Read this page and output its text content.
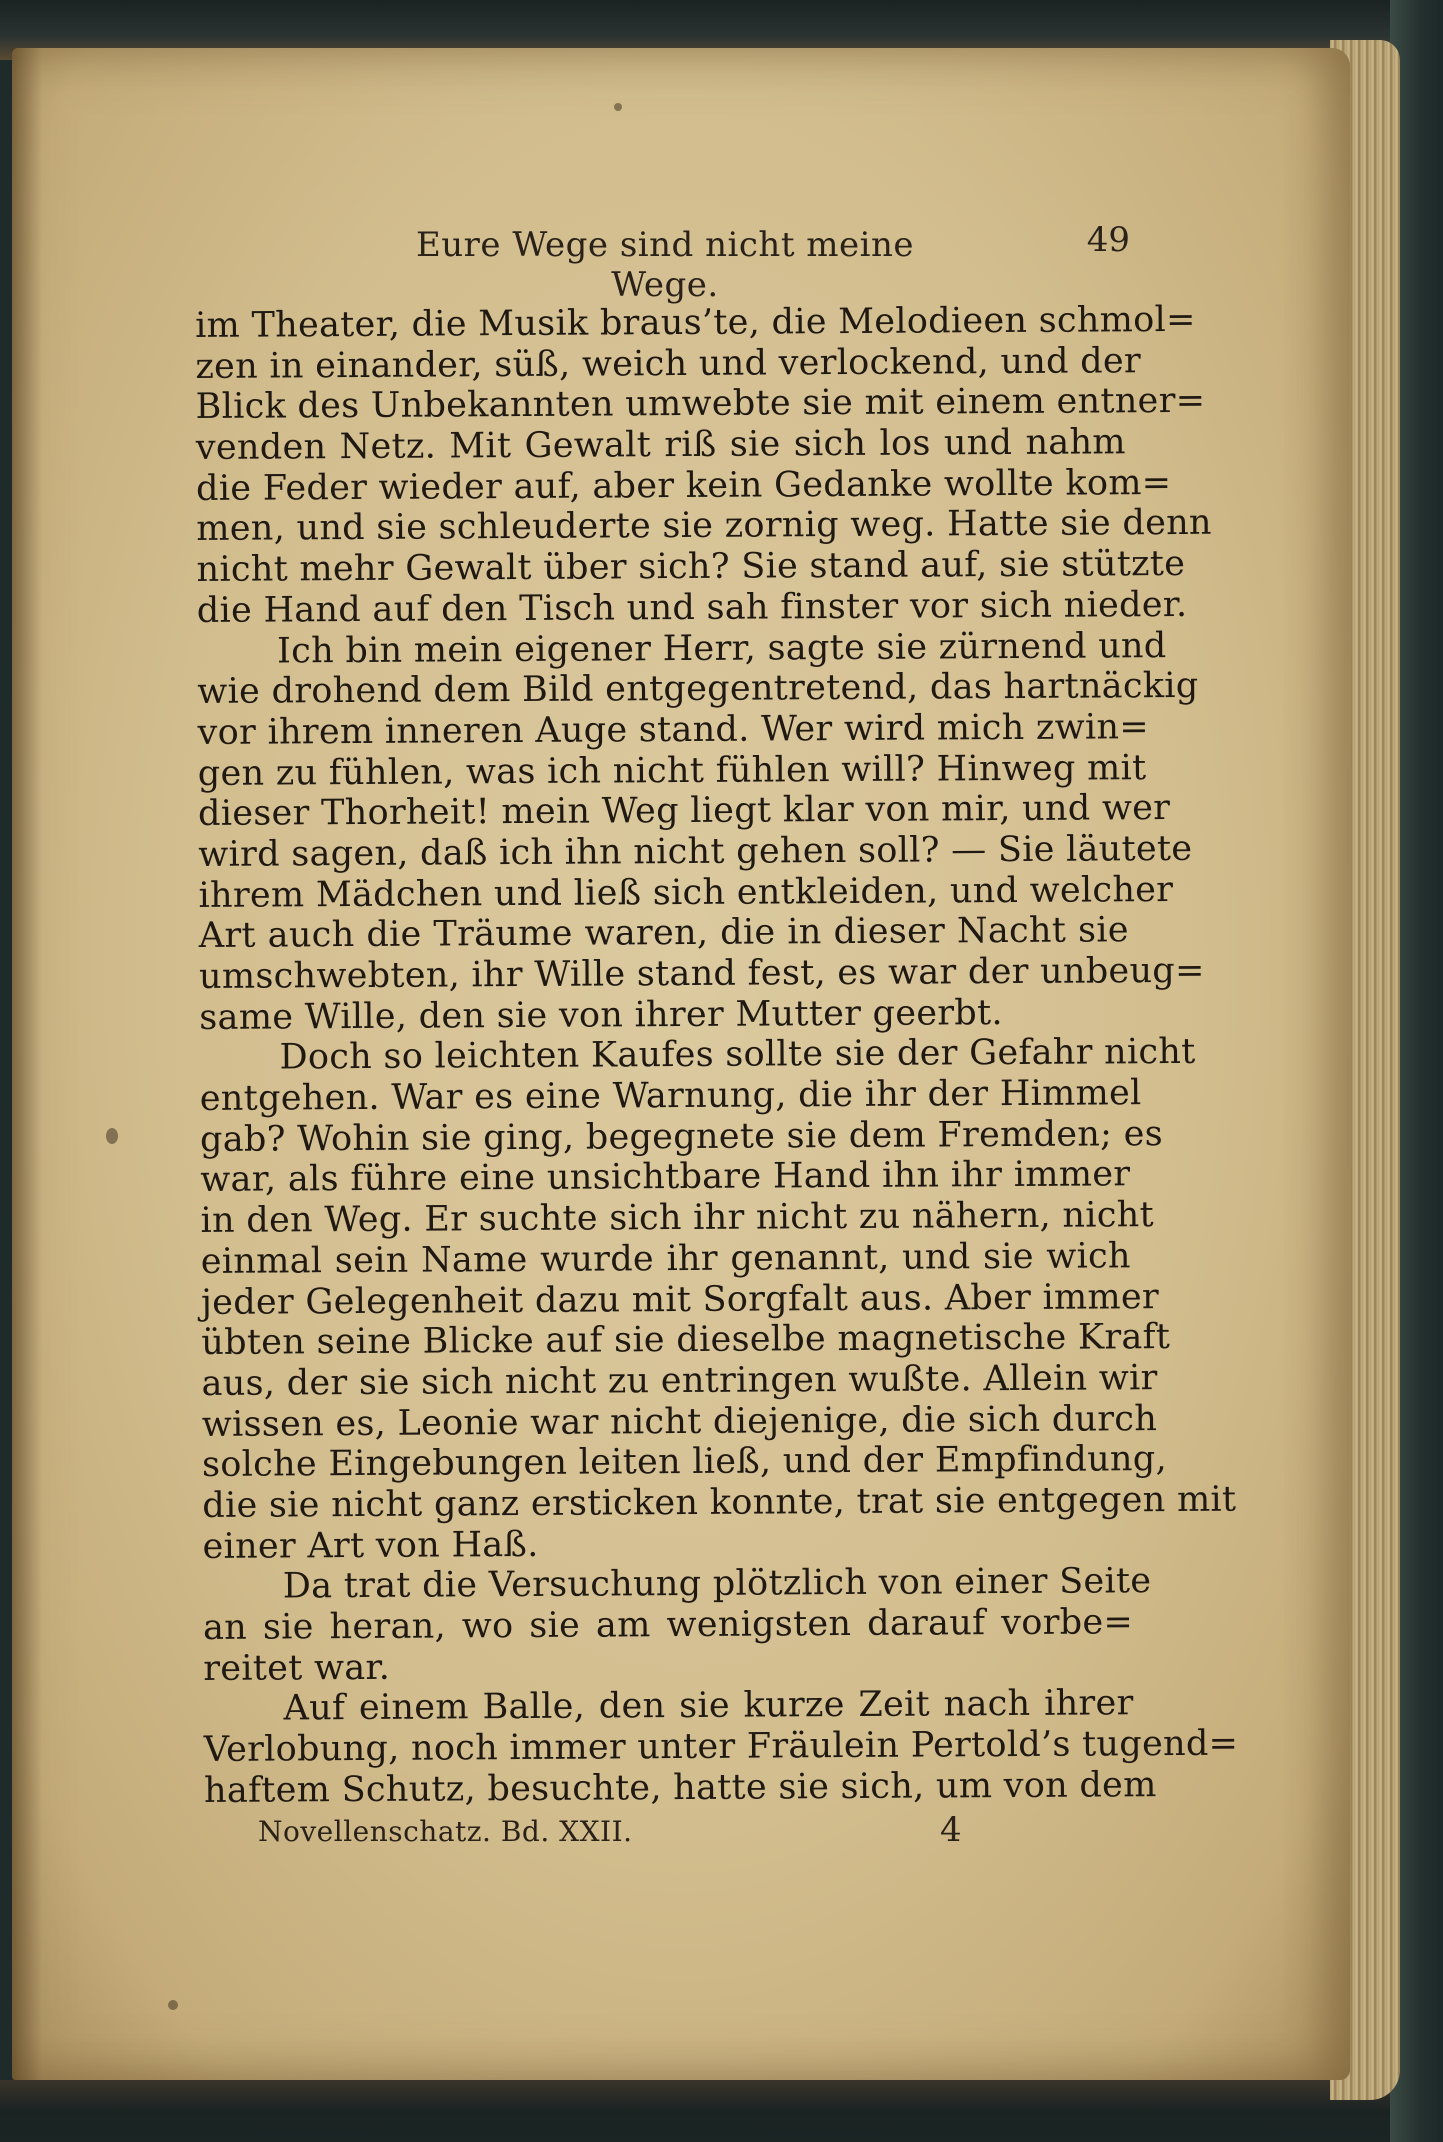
Eure Wege sind nicht meine Wege.
49
im Theater, die Musik braus’te, die Melodieen schmol=
zen in einander, süß, weich und verlockend, und der
Blick des Unbekannten umwebte sie mit einem entner=
venden Netz. Mit Gewalt riß sie sich los und nahm
die Feder wieder auf, aber kein Gedanke wollte kom=
men, und sie schleuderte sie zornig weg. Hatte sie denn
nicht mehr Gewalt über sich? Sie stand auf, sie stützte
die Hand auf den Tisch und sah finster vor sich nieder.
Ich bin mein eigener Herr, sagte sie zürnend und
wie drohend dem Bild entgegentretend, das hartnäckig
vor ihrem inneren Auge stand. Wer wird mich zwin=
gen zu fühlen, was ich nicht fühlen will? Hinweg mit
dieser Thorheit! mein Weg liegt klar von mir, und wer
wird sagen, daß ich ihn nicht gehen soll? — Sie läutete
ihrem Mädchen und ließ sich entkleiden, und welcher
Art auch die Träume waren, die in dieser Nacht sie
umschwebten, ihr Wille stand fest, es war der unbeug=
same Wille, den sie von ihrer Mutter geerbt.
Doch so leichten Kaufes sollte sie der Gefahr nicht
entgehen. War es eine Warnung, die ihr der Himmel
gab? Wohin sie ging, begegnete sie dem Fremden; es
war, als führe eine unsichtbare Hand ihn ihr immer
in den Weg. Er suchte sich ihr nicht zu nähern, nicht
einmal sein Name wurde ihr genannt, und sie wich
jeder Gelegenheit dazu mit Sorgfalt aus. Aber immer
übten seine Blicke auf sie dieselbe magnetische Kraft
aus, der sie sich nicht zu entringen wußte. Allein wir
wissen es, Leonie war nicht diejenige, die sich durch
solche Eingebungen leiten ließ, und der Empfindung,
die sie nicht ganz ersticken konnte, trat sie entgegen mit
einer Art von Haß.
Da trat die Versuchung plötzlich von einer Seite
an sie heran, wo sie am wenigsten darauf vorbe=
reitet war.
Auf einem Balle, den sie kurze Zeit nach ihrer
Verlobung, noch immer unter Fräulein Pertold’s tugend=
haftem Schutz, besuchte, hatte sie sich, um von dem
Novellenschatz. Bd. XXII.	4
